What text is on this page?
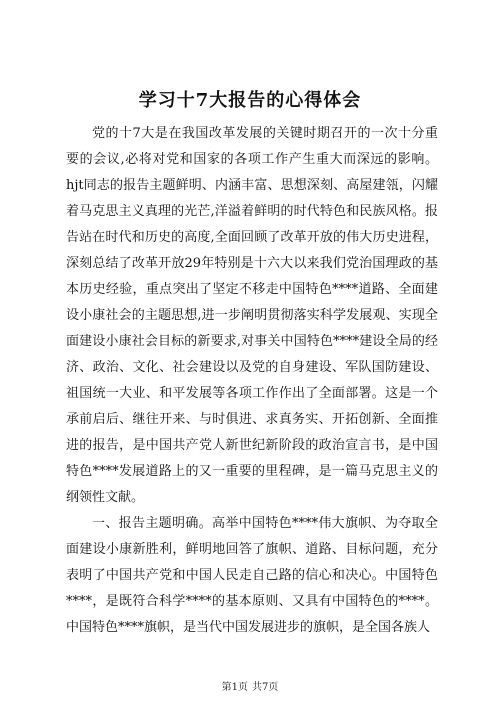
学习十7大报告的心得体会

党的十7大是在我国改革发展的关键时期召开的一次十分重要的会议,必将对党和国家的各项工作产生重大而深远的影响。hjt同志的报告主题鲜明、内涵丰富、思想深刻、高屋建瓴，闪耀着马克思主义真理的光芒,洋溢着鲜明的时代特色和民族风格。报告站在时代和历史的高度,全面回顾了改革开放的伟大历史进程，深刻总结了改革开放29年特别是十六大以来我们党治国理政的基本历史经验，重点突出了坚定不移走中国特色****道路、全面建设小康社会的主题思想,进一步阐明贯彻落实科学发展观、实现全面建设小康社会目标的新要求,对事关中国特色****建设全局的经济、政治、文化、社会建设以及党的自身建设、军队国防建设、祖国统一大业、和平发展等各项工作作出了全面部署。这是一个承前启后、继往开来、与时俱进、求真务实、开拓创新、全面推进的报告，是中国共产党人新世纪新阶段的政治宣言书，是中国特色****发展道路上的又一重要的里程碑，是一篇马克思主义的纲领性文献。

一、报告主题明确。高举中国特色****伟大旗帜、为夺取全面建设小康新胜利，鲜明地回答了旗帜、道路、目标问题，充分表明了中国共产党和中国人民走自己路的信心和决心。中国特色****，是既符合科学****的基本原则、又具有中国特色的****。中国特色****旗帜，是当代中国发展进步的旗帜，是全国各族人

第1页 共7页
